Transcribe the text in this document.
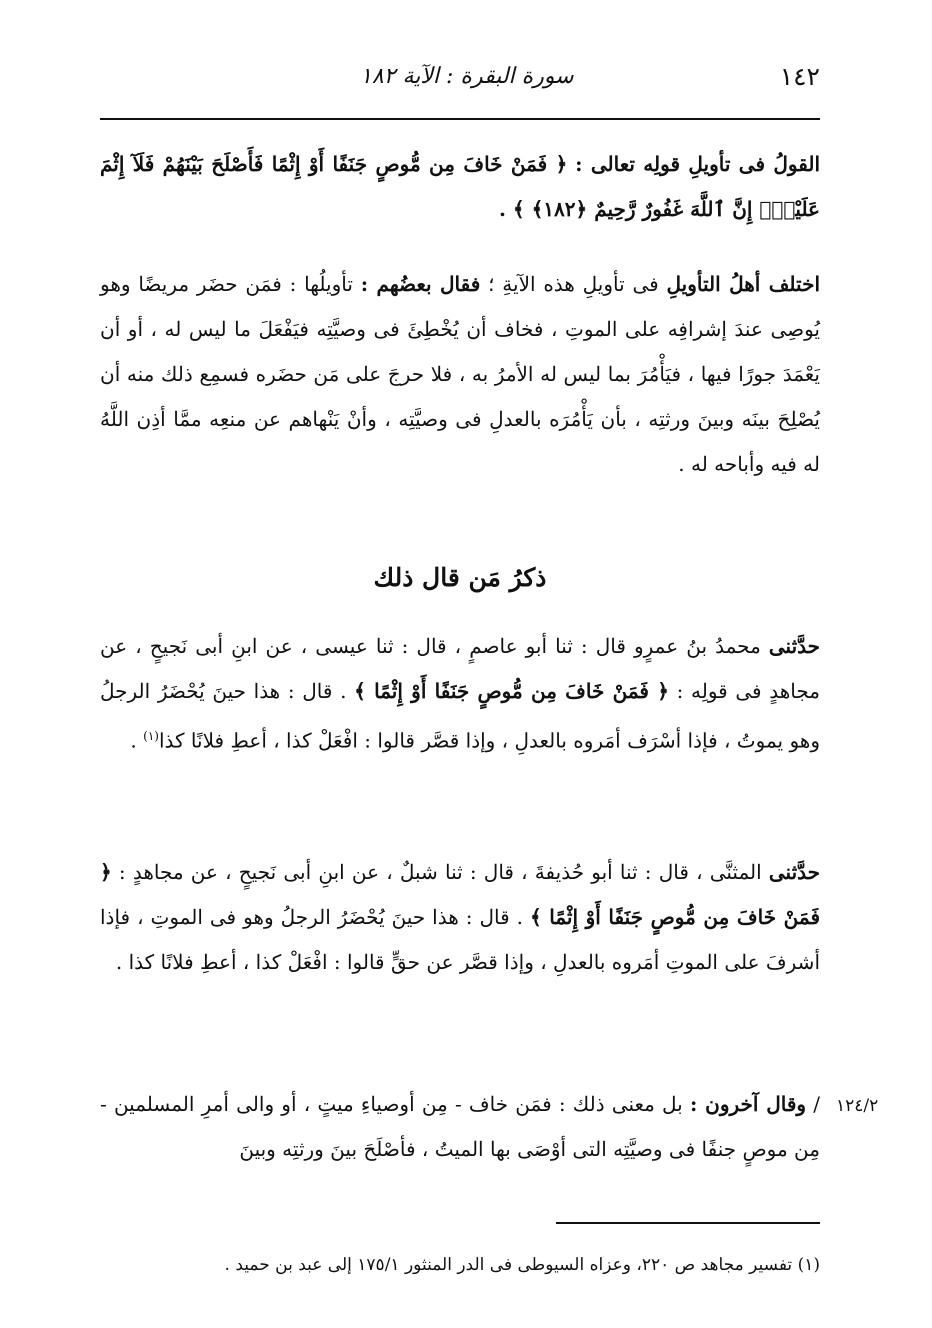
١٤٢
سورة البقرة : الآية ١٨٢

القولُ فى تأويلِ قولِه تعالى : ﴿ فَمَنْ خَافَ مِن مُّوصٍ جَنَفًا أَوْ إِثْمًا فَأَصْلَحَ بَيْنَهُمْ فَلَآ إِثْمَ عَلَيْهِۚ إِنَّ ٱللَّهَ غَفُورٌ رَّحِيمٌ ﴿١٨٢﴾ ﴾ .

اختلف أهلُ التأويلِ فى تأويلِ هذه الآيةِ ؛ فقال بعضُهم : تأويلُها : فمَن حضَر مريضًا وهو يُوصِى عندَ إشرافِه على الموتِ ، فخاف أن يُخْطِئَ فى وصيَّتِه فيَفْعَلَ ما ليس له ، أو أن يَعْمَدَ جورًا فيها ، فيَأْمُرَ بما ليس له الأمرُ به ، فلا حرجَ على مَن حضَره فسمِع ذلك منه أن يُصْلِحَ بينَه وبينَ ورثتِه ، بأن يَأْمُرَه بالعدلِ فى وصيَّتِه ، وأنْ يَنْهاهم عن منعِه ممَّا أذِن اللَّهُ له فيه وأباحه له .

ذكرُ مَن قال ذلك

حدَّثنى محمدُ بنُ عمرٍو قال : ثنا أبو عاصمٍ ، قال : ثنا عيسى ، عن ابنِ أبى نَجيحٍ ، عن مجاهدٍ فى قولِه : ﴿ فَمَنْ خَافَ مِن مُّوصٍ جَنَفًا أَوْ إِثْمًا ﴾ . قال : هذا حينَ يُحْضَرُ الرجلُ وهو يموتُ ، فإذا أسْرَف أمَروه بالعدلِ ، وإذا قصَّر قالوا : افْعَلْ كذا ، أعطِ فلانًا كذا$^{(١)}$ .

حدَّثنى المثنَّى ، قال : ثنا أبو حُذيفةَ ، قال : ثنا شبلٌ ، عن ابنِ أبى نَجيحٍ ، عن مجاهدٍ : ﴿ فَمَنْ خَافَ مِن مُّوصٍ جَنَفًا أَوْ إِثْمًا ﴾ . قال : هذا حينَ يُحْضَرُ الرجلُ وهو فى الموتِ ، فإذا أشرفَ على الموتِ أمَروه بالعدلِ ، وإذا قصَّر عن حقٍّ قالوا : افْعَلْ كذا ، أعطِ فلانًا كذا .

/ وقال آخرون : بل معنى ذلك : فمَن خاف - مِن أوصياءِ ميتٍ ، أو والى أمرِ المسلمين - مِن موصٍ جنفًا فى وصيَّتِه التى أوْصَى بها الميتُ ، فأصْلَحَ بينَ ورثتِه وبينَ

١٢٤/٢
(١) تفسير مجاهد ص ٢٢٠، وعزاه السيوطى فى الدر المنثور ١٧٥/١ إلى عبد بن حميد .
